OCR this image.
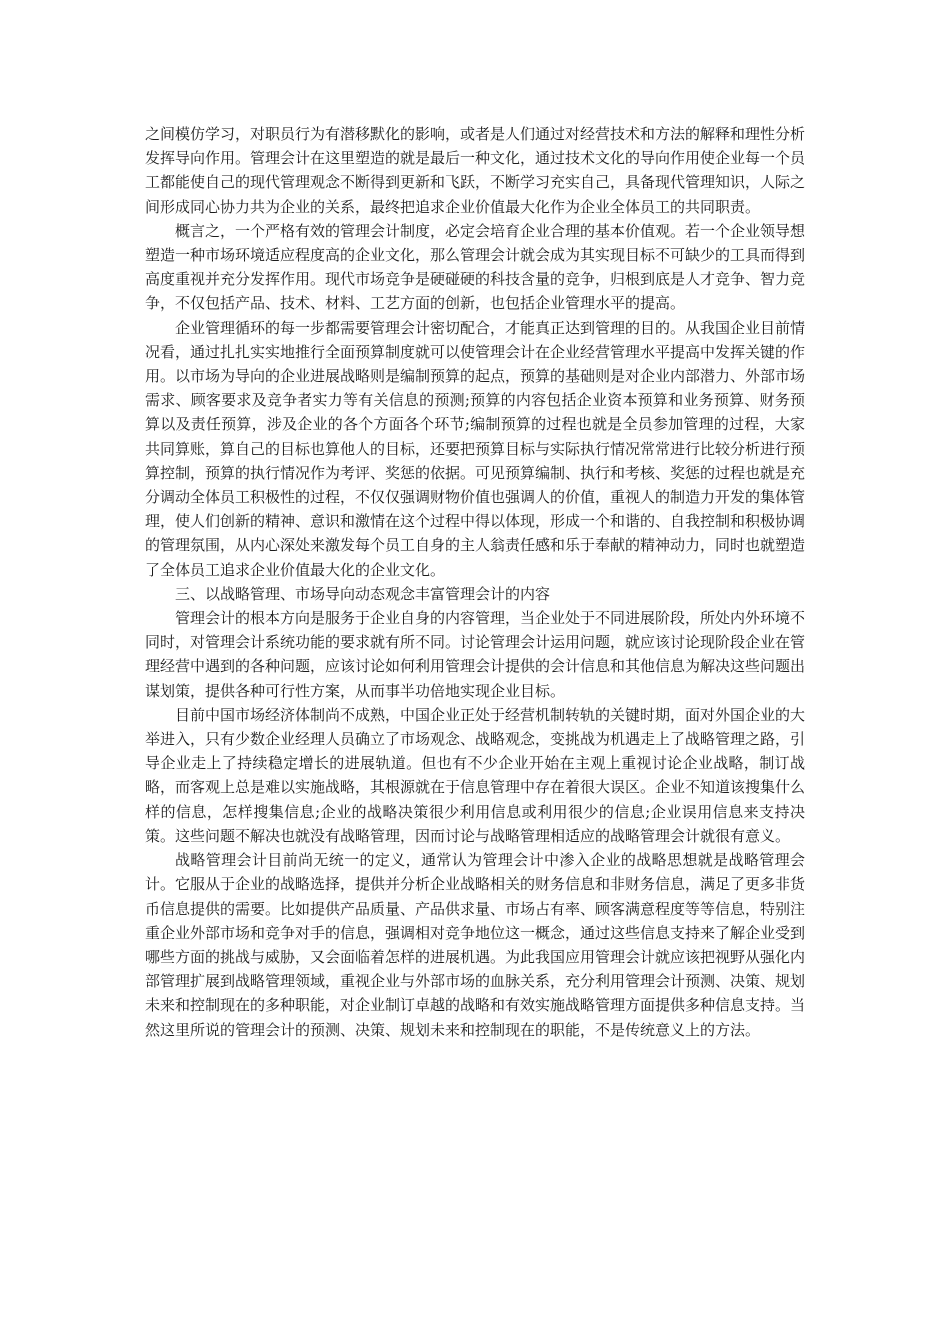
之间模仿学习，对职员行为有潜移默化的影响，或者是人们通过对经营技术和方法的解释和理性分析发挥导向作用。管理会计在这里塑造的就是最后一种文化，通过技术文化的导向作用使企业每一个员工都能使自己的现代管理观念不断得到更新和飞跃，不断学习充实自己，具备现代管理知识，人际之间形成同心协力共为企业的关系，最终把追求企业价值最大化作为企业全体员工的共同职责。

概言之，一个严格有效的管理会计制度，必定会培育企业合理的基本价值观。若一个企业领导想塑造一种市场环境适应程度高的企业文化，那么管理会计就会成为其实现目标不可缺少的工具而得到高度重视并充分发挥作用。现代市场竞争是硬碰硬的科技含量的竞争，归根到底是人才竞争、智力竞争，不仅包括产品、技术、材料、工艺方面的创新，也包括企业管理水平的提高。

企业管理循环的每一步都需要管理会计密切配合，才能真正达到管理的目的。从我国企业目前情况看，通过扎扎实实地推行全面预算制度就可以使管理会计在企业经营管理水平提高中发挥关键的作用。以市场为导向的企业进展战略则是编制预算的起点，预算的基础则是对企业内部潜力、外部市场需求、顾客要求及竞争者实力等有关信息的预测;预算的内容包括企业资本预算和业务预算、财务预算以及责任预算，涉及企业的各个方面各个环节;编制预算的过程也就是全员参加管理的过程，大家共同算账，算自己的目标也算他人的目标，还要把预算目标与实际执行情况常常进行比较分析进行预算控制，预算的执行情况作为考评、奖惩的依据。可见预算编制、执行和考核、奖惩的过程也就是充分调动全体员工积极性的过程，不仅仅强调财物价值也强调人的价值，重视人的制造力开发的集体管理，使人们创新的精神、意识和激情在这个过程中得以体现，形成一个和谐的、自我控制和积极协调的管理氛围，从内心深处来激发每个员工自身的主人翁责任感和乐于奉献的精神动力，同时也就塑造了全体员工追求企业价值最大化的企业文化。

三、以战略管理、市场导向动态观念丰富管理会计的内容

管理会计的根本方向是服务于企业自身的内容管理，当企业处于不同进展阶段，所处内外环境不同时，对管理会计系统功能的要求就有所不同。讨论管理会计运用问题，就应该讨论现阶段企业在管理经营中遇到的各种问题，应该讨论如何利用管理会计提供的会计信息和其他信息为解决这些问题出谋划策，提供各种可行性方案，从而事半功倍地实现企业目标。

目前中国市场经济体制尚不成熟，中国企业正处于经营机制转轨的关键时期，面对外国企业的大举进入，只有少数企业经理人员确立了市场观念、战略观念，变挑战为机遇走上了战略管理之路，引导企业走上了持续稳定增长的进展轨道。但也有不少企业开始在主观上重视讨论企业战略，制订战略，而客观上总是难以实施战略，其根源就在于信息管理中存在着很大误区。企业不知道该搜集什么样的信息，怎样搜集信息;企业的战略决策很少利用信息或利用很少的信息;企业误用信息来支持决策。这些问题不解决也就没有战略管理，因而讨论与战略管理相适应的战略管理会计就很有意义。

战略管理会计目前尚无统一的定义，通常认为管理会计中渗入企业的战略思想就是战略管理会计。它服从于企业的战略选择，提供并分析企业战略相关的财务信息和非财务信息，满足了更多非货币信息提供的需要。比如提供产品质量、产品供求量、市场占有率、顾客满意程度等等信息，特别注重企业外部市场和竞争对手的信息，强调相对竞争地位这一概念，通过这些信息支持来了解企业受到哪些方面的挑战与威胁，又会面临着怎样的进展机遇。为此我国应用管理会计就应该把视野从强化内部管理扩展到战略管理领域，重视企业与外部市场的血脉关系，充分利用管理会计预测、决策、规划未来和控制现在的多种职能，对企业制订卓越的战略和有效实施战略管理方面提供多种信息支持。当然这里所说的管理会计的预测、决策、规划未来和控制现在的职能，不是传统意义上的方法。
